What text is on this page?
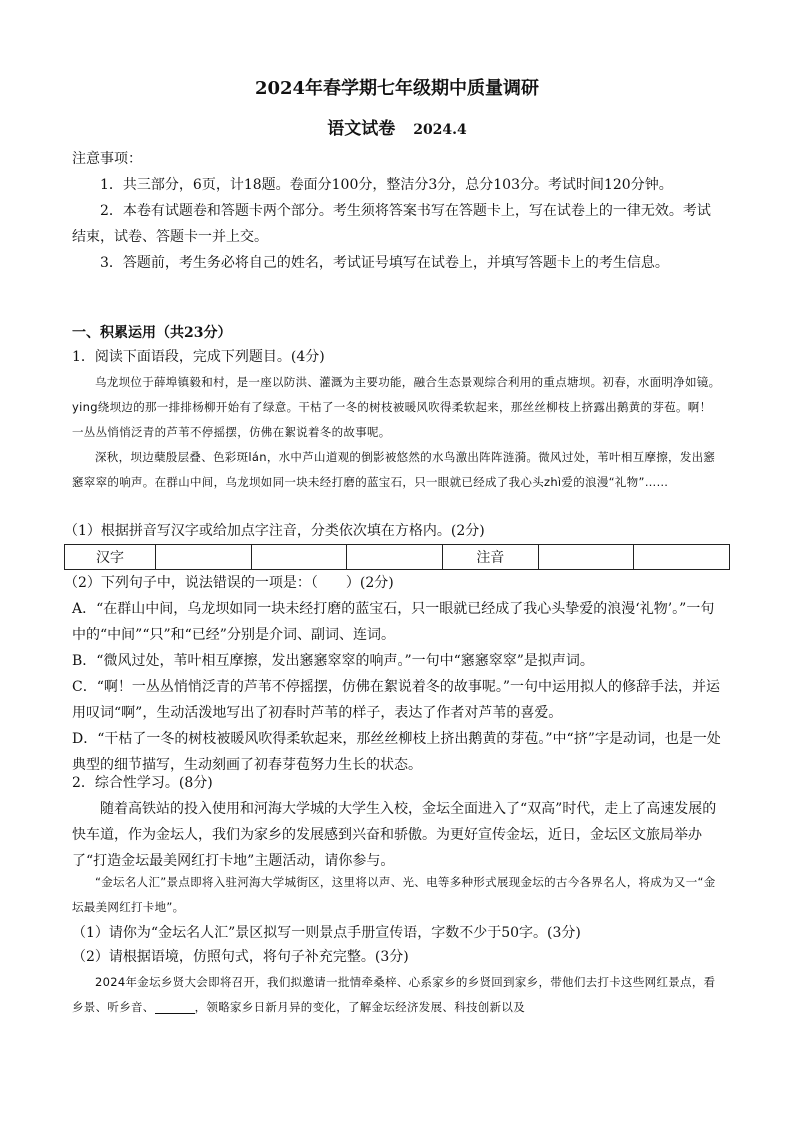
2024年春学期七年级期中质量调研
语文试卷 2024.4

注意事项：

1．共三部分，6页，计18题。卷面分100分，整洁分3分，总分103分。考试时间120分钟。

2．本卷有试题卷和答题卡两个部分。考生须将答案书写在答题卡上，写在试卷上的一律无效。考试结束，试卷、答题卡一并上交。

3．答题前，考生务必将自己的姓名，考试证号填写在试卷上，并填写答题卡上的考生信息。

一、积累运用（共23分）
1．阅读下面语段，完成下列题目。(4分)

乌龙坝位于薛埠镇毅和村，是一座以防洪、灌溉为主要功能，融合生态景观综合利用的重点塘坝。初春，水面明净如镜。ying绕坝边的那一排排杨柳开始有了绿意。干枯了一冬的树枝被暖风吹得柔软起来，那丝丝柳枝上挤露出鹅黄的芽苞。啊！一丛丛悄悄泛青的芦苇不停摇摆，仿佛在絮说着冬的故事呢。

深秋，坝边蘖殷层叠、色彩斑lán，水中芦山道观的倒影被悠然的水鸟激出阵阵涟漪。微风过处，苇叶相互摩擦，发出窸窸窣窣的响声。在群山中间，乌龙坝如同一块未经打磨的蓝宝石，只一眼就已经成了我心头zhì爱的浪漫“礼物”……

（1）根据拼音写汉字或给加点字注音，分类依次填在方格内。(2分)
汉字				注音		
（2）下列句子中，说法错误的一项是：（　　）(2分)

A．“在群山中间，乌龙坝如同一块未经打磨的蓝宝石，只一眼就已经成了我心头挚爱的浪漫‘礼物’。”一句中的“中间”“只”和“已经”分别是介词、副词、连词。

B．“微风过处，苇叶相互摩擦，发出窸窸窣窣的响声。”一句中“窸窸窣窣”是拟声词。

C．“啊！一丛丛悄悄泛青的芦苇不停摇摆，仿佛在絮说着冬的故事呢。”一句中运用拟人的修辞手法，并运用叹词“啊”，生动活泼地写出了初春时芦苇的样子，表达了作者对芦苇的喜爱。

D．“干枯了一冬的树枝被暖风吹得柔软起来，那丝丝柳枝上挤出鹅黄的芽苞。”中“挤”字是动词，也是一处典型的细节描写，生动刻画了初春芽苞努力生长的状态。

2．综合性学习。(8分)
随着高铁站的投入使用和河海大学城的大学生入校，金坛全面进入了“双高”时代，走上了高速发展的快车道，作为金坛人，我们为家乡的发展感到兴奋和骄傲。为更好宣传金坛，近日，金坛区文旅局举办了“打造金坛最美网红打卡地”主题活动，请你参与。

“金坛名人汇”景点即将入驻河海大学城街区，这里将以声、光、电等多种形式展现金坛的古今各界名人，将成为又一“金坛最美网红打卡地”。

（1）请你为“金坛名人汇”景区拟写一则景点手册宣传语，字数不少于50字。(3分)
（2）请根据语境，仿照句式，将句子补充完整。(3分)

2024年金坛乡贤大会即将召开，我们拟邀请一批情牵桑梓、心系家乡的乡贤回到家乡，带他们去打卡这些网红景点，看乡景、听乡音、	，领略家乡日新月异的变化，了解金坛经济发展、科技创新以及
